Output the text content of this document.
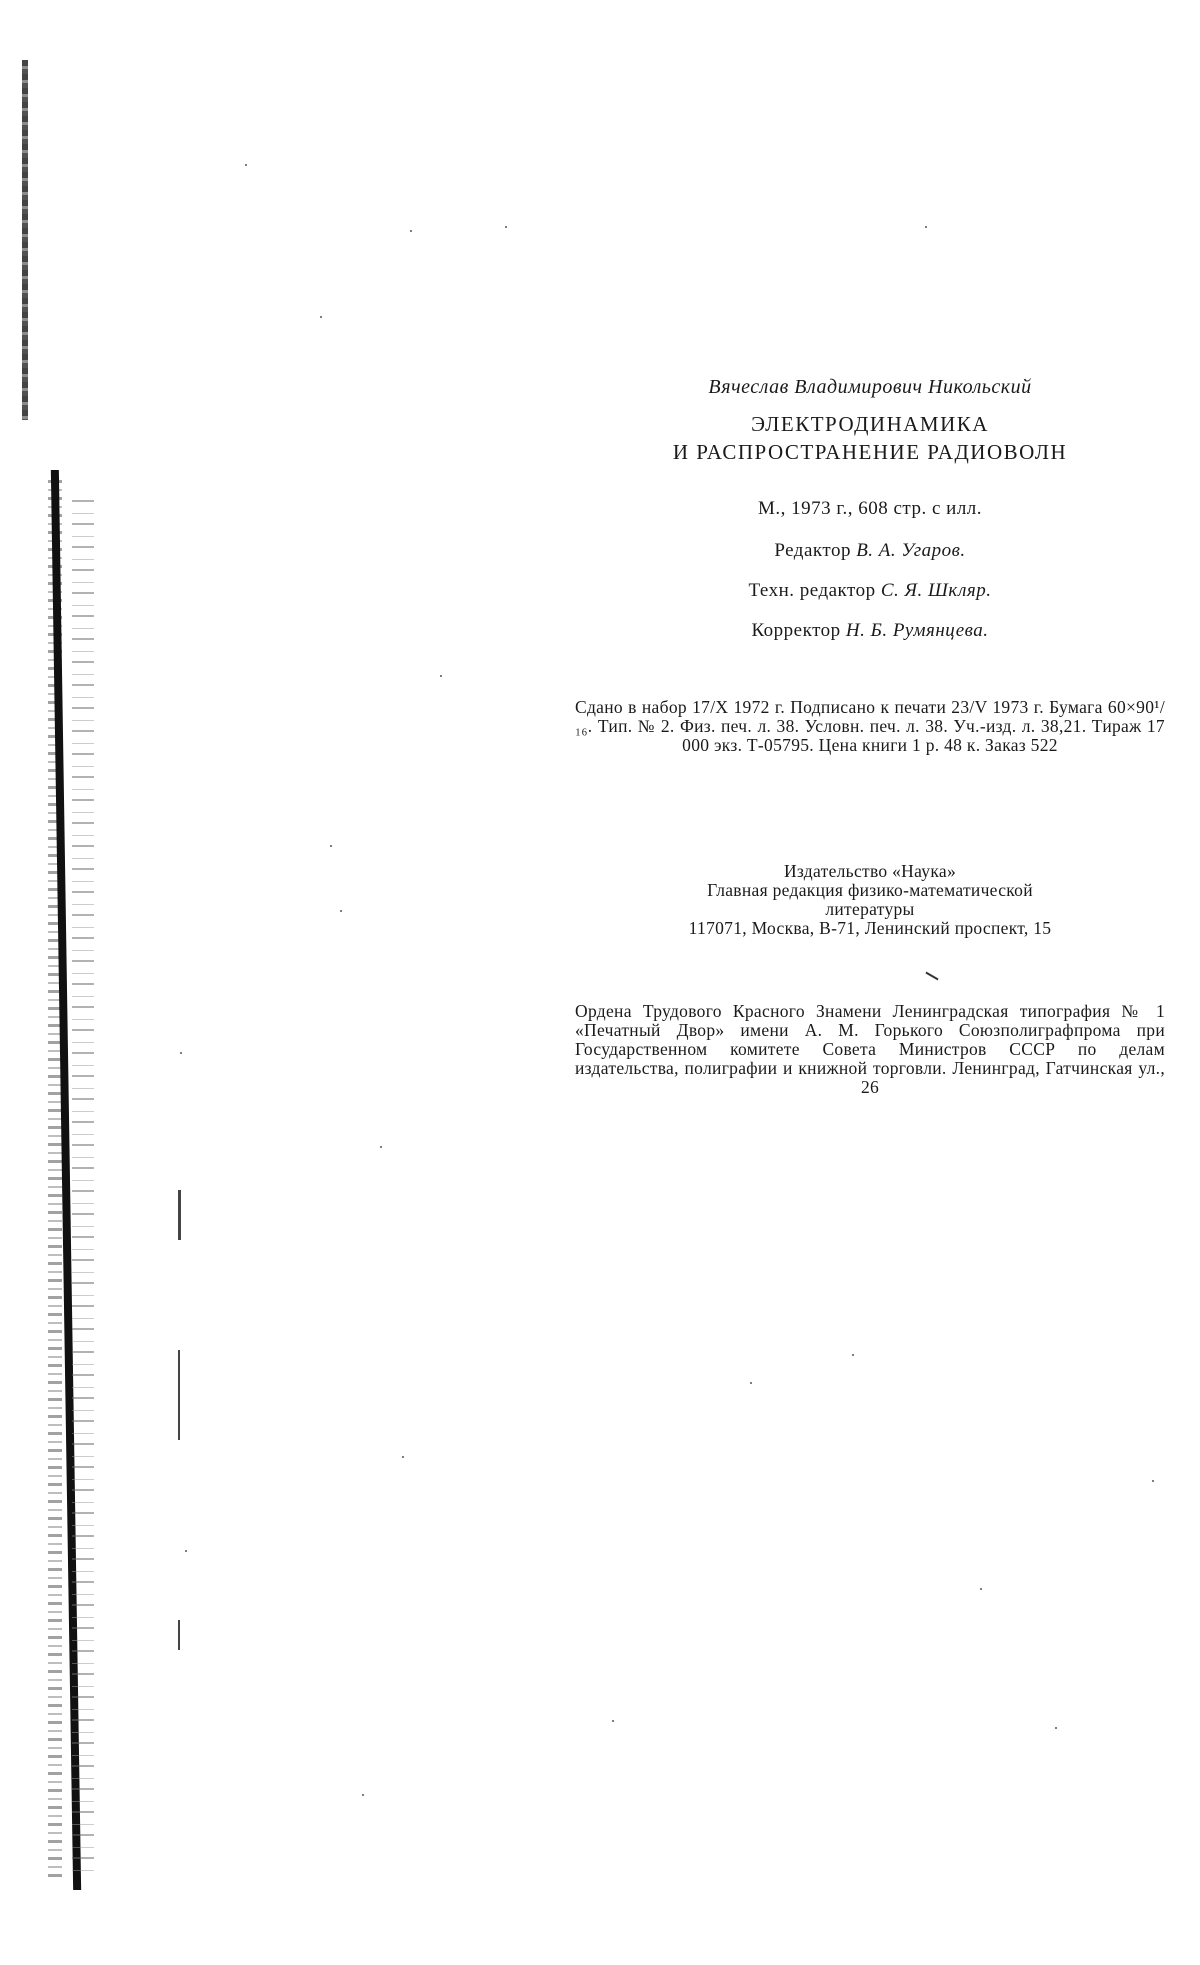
Вячеслав Владимирович Никольский
ЭЛЕКТРОДИНАМИКА
И РАСПРОСТРАНЕНИЕ РАДИОВОЛН
М., 1973 г., 608 стр. с илл.
Редактор В. А. Угаров.
Техн. редактор С. Я. Шкляр.
Корректор Н. Б. Румянцева.
Сдано в набор 17/X 1972 г. Подписано к печати 23/V 1973 г. Бумага 60×90¹/₁₆. Тип. № 2. Физ. печ. л. 38. Условн. печ. л. 38. Уч.-изд. л. 38,21. Тираж 17 000 экз. Т-05795. Цена книги 1 р. 48 к. Заказ 522
Издательство «Наука»
Главная редакция физико-математической
литературы
117071, Москва, В-71, Ленинский проспект, 15
Ордена Трудового Красного Знамени Ленинградская типография № 1 «Печатный Двор» имени А. М. Горького Союзполиграфпрома при Государственном комитете Совета Министров СССР по делам издательства, полиграфии и книжной торговли. Ленинград, Гатчинская ул., 26
